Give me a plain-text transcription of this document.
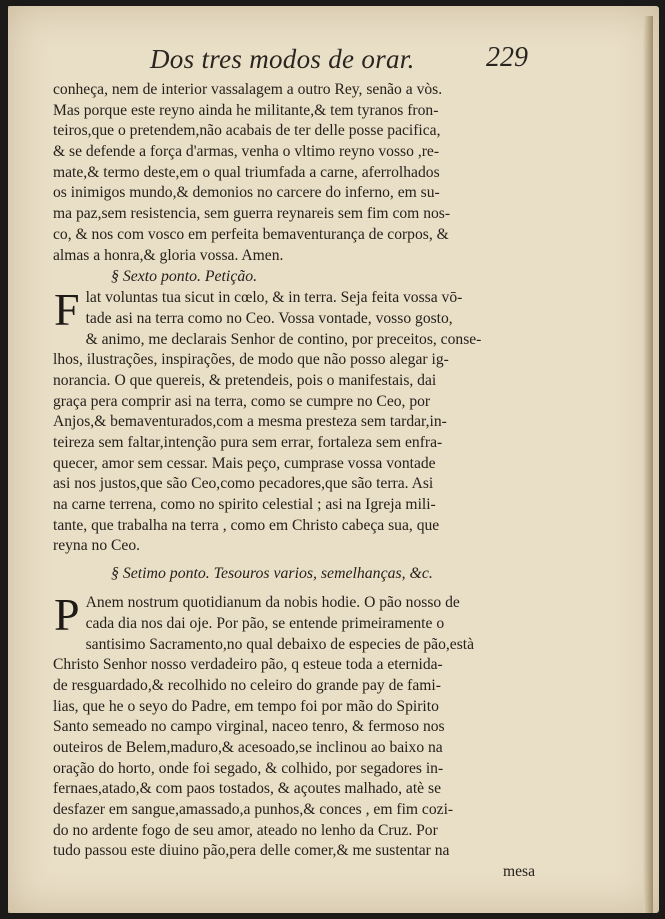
Dos tres modos de orar.	229
conheça, nem de interior vassalagem a outro Rey, senão a vòs.
Mas porque este reyno ainda he militante,& tem tyranos fron-
teiros,que o pretendem,não acabais de ter delle posse pacifica,
& se defende a força d'armas, venha o vltimo reyno vosso ,re-
mate,& termo deste,em o qual triumfada a carne, aferrolhados
os inimigos mundo,& demonios no carcere do inferno, em su-
ma paz,sem resistencia, sem guerra reynareis sem fim com nos-
co, & nos com vosco em perfeita bemaventurança de corpos, &
almas a honra,& gloria vossa. Amen.
§ Sexto ponto. Petição.
F lat voluntas tua sicut in cœlo, & in terra. Seja feita vossa vō-
tade asi na terra como no Ceo. Vossa vontade, vosso gosto,
& animo, me declarais Senhor de contino, por preceitos, conse-
lhos, ilustrações, inspirações, de modo que não posso alegar ig-
norancia. O que quereis, & pretendeis, pois o manifestais, dai
graça pera comprir asi na terra, como se cumpre no Ceo, por
Anjos,& bemaventurados,com a mesma presteza sem tardar,in-
teireza sem faltar,intenção pura sem errar, fortaleza sem enfra-
quecer, amor sem cessar. Mais peço, cumprase vossa vontade
asi nos justos,que são Ceo,como pecadores,que são terra. Asi
na carne terrena, como no spirito celestial ; asi na Igreja mili-
tante, que trabalha na terra , como em Christo cabeça sua, que
reyna no Ceo.
§ Setimo ponto. Tesouros varios, semelhanças, &c.
P Anem nostrum quotidianum da nobis hodie. O pão nosso de
cada dia nos dai oje. Por pão, se entende primeiramente o
santisimo Sacramento,no qual debaixo de especies de pão,està
Christo Senhor nosso verdadeiro pão, q esteue toda a eternida-
de resguardado,& recolhido no celeiro do grande pay de fami-
lias, que he o seyo do Padre, em tempo foi por mão do Spirito
Santo semeado no campo virginal, naceo tenro, & fermoso nos
outeiros de Belem,maduro,& acesoado,se inclinou ao baixo na
oração do horto, onde foi segado, & colhido, por segadores in-
fernaes,atado,& com paos tostados, & açoutes malhado, atè se
desfazer em sangue,amassado,a punhos,& conces , em fim cozi-
do no ardente fogo de seu amor, ateado no lenho da Cruz. Por
tudo passou este diuino pão,pera delle comer,& me sustentar na
mesa
